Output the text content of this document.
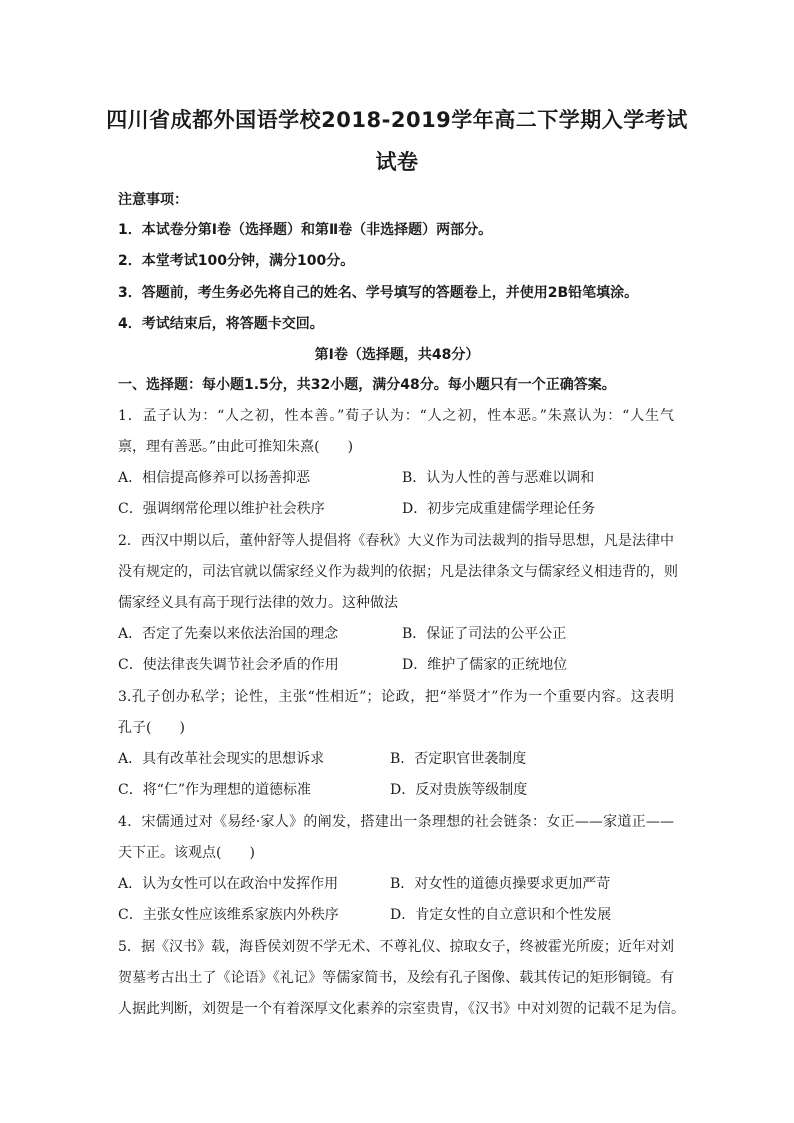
四川省成都外国语学校2018-2019学年高二下学期入学考试
试卷
注意事项：
1．本试卷分第Ⅰ卷（选择题）和第Ⅱ卷（非选择题）两部分。
2．本堂考试100分钟，满分100分。
3．答题前，考生务必先将自己的姓名、学号填写的答题卷上，并使用2B铅笔填涂。
4．考试结束后，将答题卡交回。
第Ⅰ卷（选择题，共48分）
一、选择题：每小题1.5分，共32小题，满分48分。每小题只有一个正确答案。
1．孟子认为：“人之初，性本善。”荀子认为：“人之初，性本恶。”朱熹认为：“人生气
禀，理有善恶。”由此可推知朱熹(　　)
A．相信提高修养可以扬善抑恶	B．认为人性的善与恶难以调和
C．强调纲常伦理以维护社会秩序	D．初步完成重建儒学理论任务
2．西汉中期以后，董仲舒等人提倡将《春秋》大义作为司法裁判的指导思想，凡是法律中
没有规定的，司法官就以儒家经义作为裁判的依据；凡是法律条文与儒家经义相违背的，则
儒家经义具有高于现行法律的效力。这种做法
A．否定了先秦以来依法治国的理念	B．保证了司法的公平公正
C．使法律丧失调节社会矛盾的作用	D．维护了儒家的正统地位
3.孔子创办私学；论性，主张“性相近”；论政，把“举贤才”作为一个重要内容。这表明
孔子(　　)
A．具有改革社会现实的思想诉求	B．否定职官世袭制度
C．将“仁”作为理想的道德标准	D．反对贵族等级制度
4．宋儒通过对《易经·家人》的阐发，搭建出一条理想的社会链条：女正——家道正——
天下正。该观点(　　)
A．认为女性可以在政治中发挥作用	B．对女性的道德贞操要求更加严苛
C．主张女性应该维系家族内外秩序	D．肯定女性的自立意识和个性发展
5．据《汉书》载，海昏侯刘贺不学无术、不尊礼仪、掠取女子，终被霍光所废；近年对刘
贺墓考古出土了《论语》《礼记》等儒家简书，及绘有孔子图像、载其传记的矩形铜镜。有
人据此判断，刘贺是一个有着深厚文化素养的宗室贵胄，《汉书》中对刘贺的记载不足为信。
